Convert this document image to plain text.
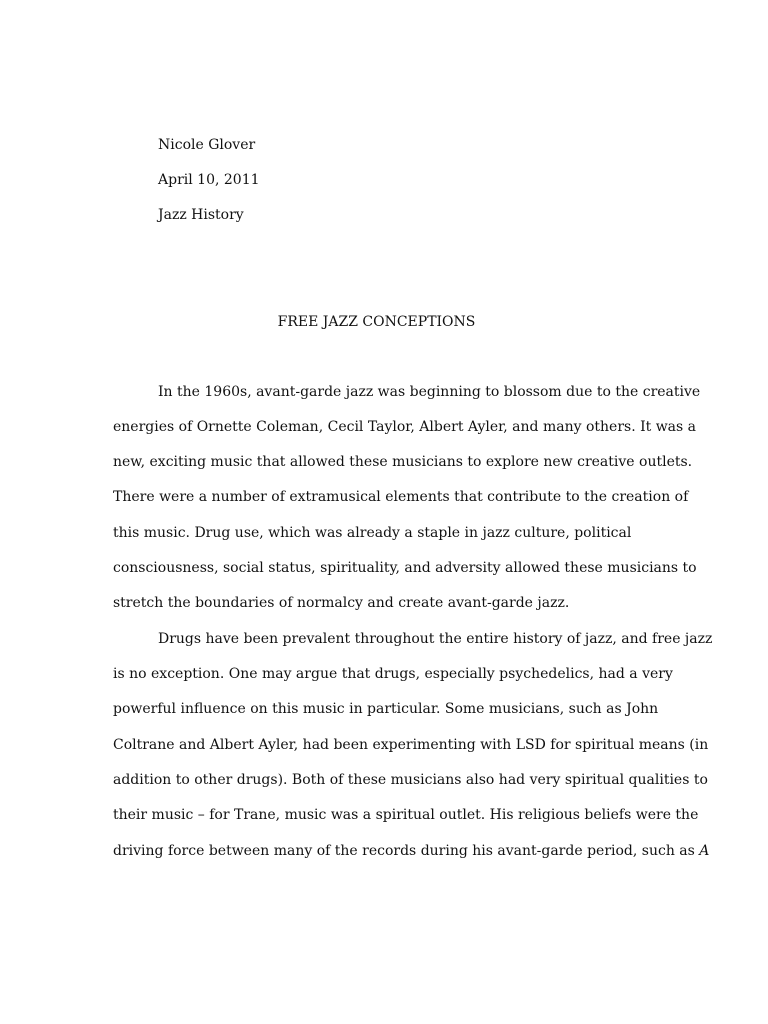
Nicole Glover
April 10, 2011
Jazz History
FREE JAZZ CONCEPTIONS
In the 1960s, avant-garde jazz was beginning to blossom due to the creative
energies of Ornette Coleman, Cecil Taylor, Albert Ayler, and many others. It was a
new, exciting music that allowed these musicians to explore new creative outlets.
There were a number of extramusical elements that contribute to the creation of
this music. Drug use, which was already a staple in jazz culture, political
consciousness, social status, spirituality, and adversity allowed these musicians to
stretch the boundaries of normalcy and create avant-garde jazz.
Drugs have been prevalent throughout the entire history of jazz, and free jazz
is no exception. One may argue that drugs, especially psychedelics, had a very
powerful influence on this music in particular. Some musicians, such as John
Coltrane and Albert Ayler, had been experimenting with LSD for spiritual means (in
addition to other drugs). Both of these musicians also had very spiritual qualities to
their music – for Trane, music was a spiritual outlet. His religious beliefs were the
driving force between many of the records during his avant-garde period, such as A
